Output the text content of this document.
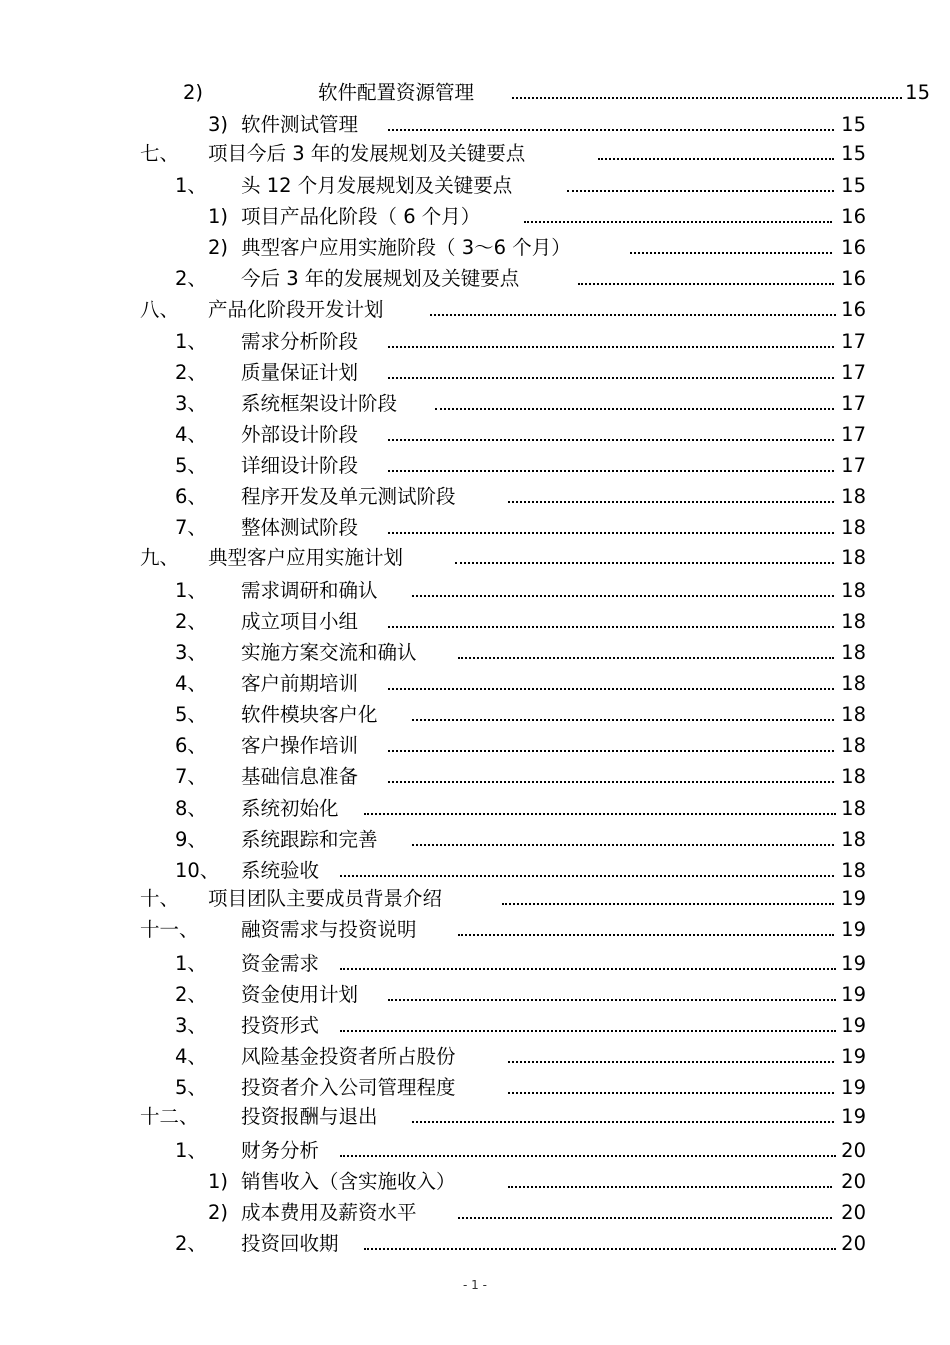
2)	软件配置资源管理	15
3) 软件测试管理	15
七、 项目今后 3 年的发展规划及关键要点	15
1、 头 12 个月发展规划及关键要点	15
1) 项目产品化阶段（ 6 个月）	16
2) 典型客户应用实施阶段（ 3～6 个月）	16
2、 今后 3 年的发展规划及关键要点	16
八、 产品化阶段开发计划	16
1、 需求分析阶段	17
2、 质量保证计划	17
3、 系统框架设计阶段	17
4、 外部设计阶段	17
5、 详细设计阶段	17
6、 程序开发及单元测试阶段	18
7、 整体测试阶段	18
九、 典型客户应用实施计划	18
1、 需求调研和确认	18
2、 成立项目小组	18
3、 实施方案交流和确认	18
4、 客户前期培训	18
5、 软件模块客户化	18
6、 客户操作培训	18
7、 基础信息准备	18
8、 系统初始化	18
9、 系统跟踪和完善	18
10、 系统验收	18
十、 项目团队主要成员背景介绍	19
十一、 融资需求与投资说明	19
1、 资金需求	19
2、 资金使用计划	19
3、 投资形式	19
4、 风险基金投资者所占股份	19
5、 投资者介入公司管理程度	19
十二、 投资报酬与退出	19
1、 财务分析	20
1) 销售收入（含实施收入）	20
2) 成本费用及薪资水平	20
2、 投资回收期	20
- 1 -
